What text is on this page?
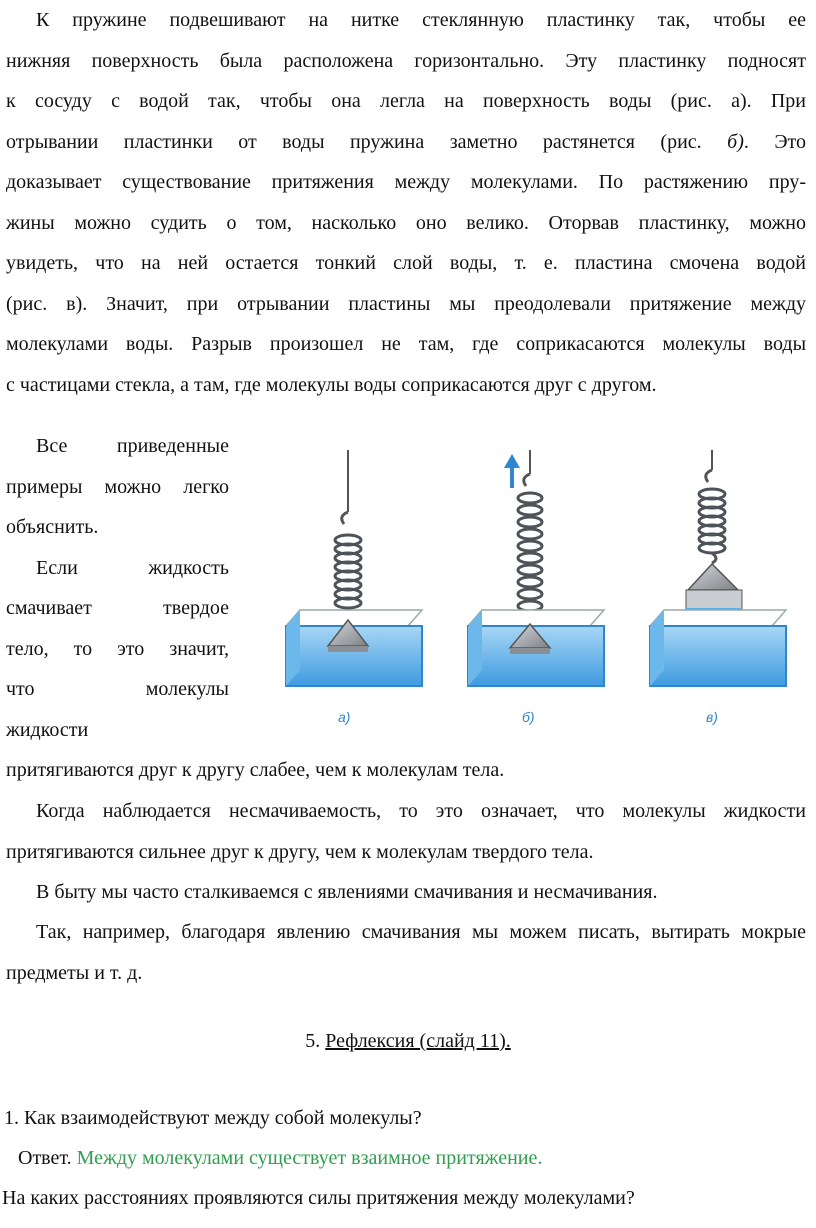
К пружине подвешивают на нитке стеклянную пластинку так, чтобы ее
нижняя поверхность была расположена горизонтально. Эту пластинку подносят
к сосуду с водой так, чтобы она легла на поверхность воды (рис. а). При
отрывании пластинки от воды пружина заметно растянется (рис. б). Это
доказывает существование притяжения между молекулами. По растяжению пру-
жины можно судить о том, насколько оно велико. Оторвав пластинку, можно
увидеть, что на ней остается тонкий слой воды, т. е. пластина смочена водой
(рис. в). Значит, при отрывании пластины мы преодолевали притяжение между
молекулами воды. Разрыв произошел не там, где соприкасаются молекулы воды
с частицами стекла, а там, где молекулы воды соприкасаются друг с другом.
Все приведенные
примеры можно легко
объяснить.
Если жидкость
смачивает твердое
тело, то это значит,
что молекулы
жидкости
а)	б)	в)
притягиваются друг к другу слабее, чем к молекулам тела.
Когда наблюдается несмачиваемость, то это означает, что молекулы жидкости притягиваются сильнее друг к другу, чем к молекулам твердого тела.
В быту мы часто сталкиваемся с явлениями смачивания и несмачивания.
Так, например, благодаря явлению смачивания мы можем писать, вытирать мокрые предметы и т. д.
5. Рефлексия (слайд 11).
1. Как взаимодействуют между собой молекулы?
Ответ. Между молекулами существует взаимное притяжение.
На каких расстояниях проявляются силы притяжения между молекулами?
